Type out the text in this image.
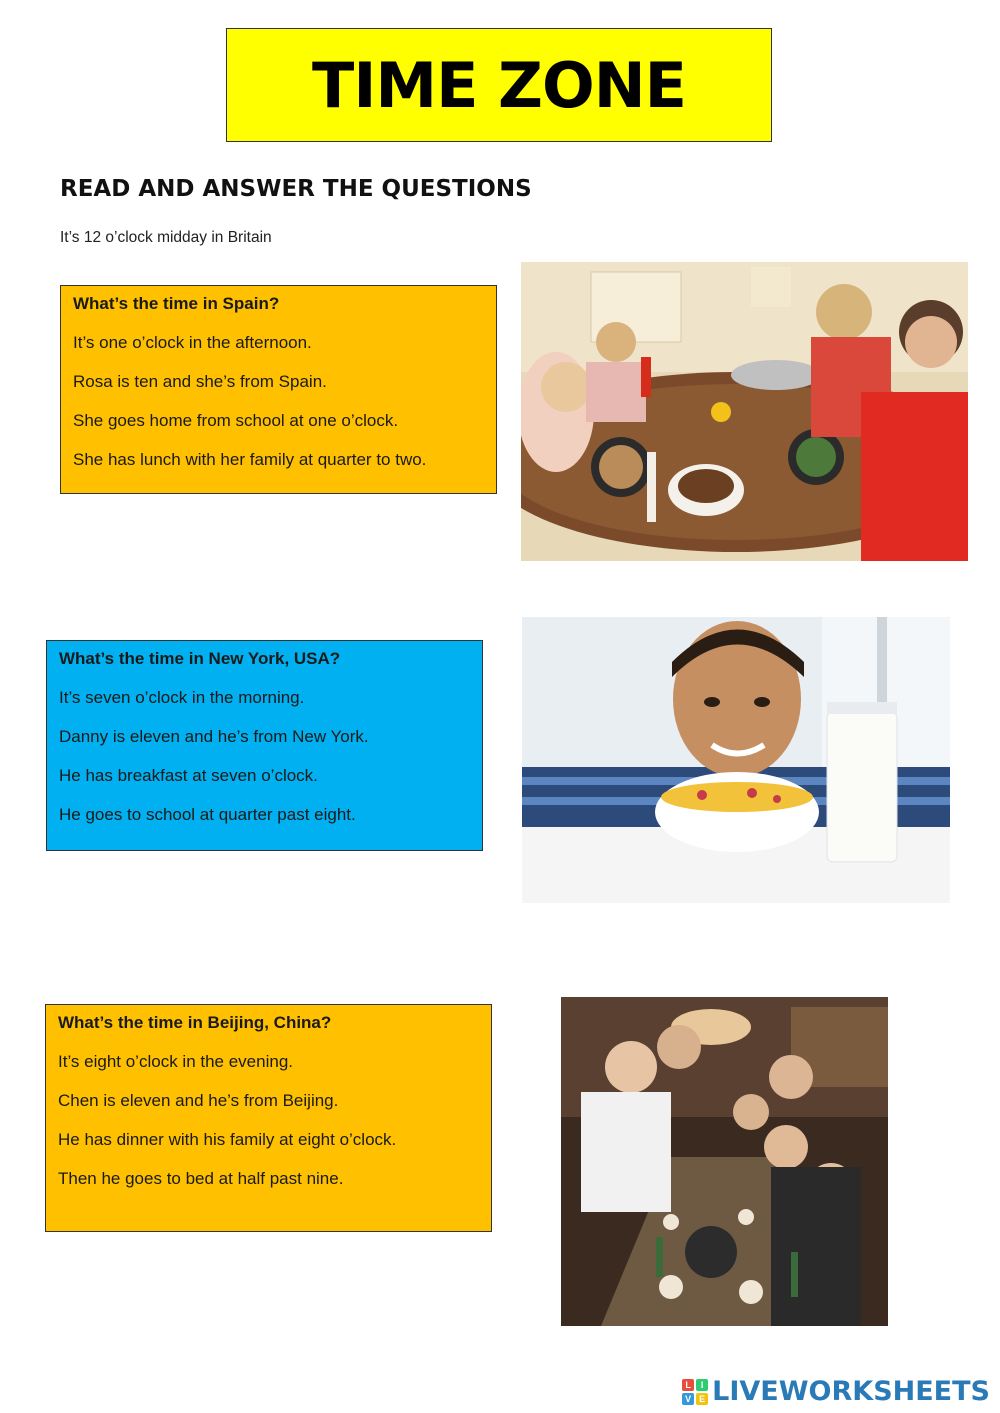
TIME ZONE
READ AND ANSWER THE QUESTIONS
It’s 12 o’clock midday in Britain

What’s the time in Spain?

It’s one o’clock in the afternoon.

Rosa is ten and she’s from Spain.

She goes home from school at one o’clock.

She has lunch with her family at quarter to two.

What’s the time in New York, USA?

It’s seven o’clock in the morning.

Danny is eleven and he’s from New York.

He has breakfast at seven o’clock.

He goes to school at quarter past eight.

What’s the time in Beijing, China?

It’s eight o’clock in the evening.

Chen is eleven and he’s from Beijing.

He has dinner with his family at eight o’clock.

Then he goes to bed at half past nine.

L	I
V E LIVEWORKSHEETS
